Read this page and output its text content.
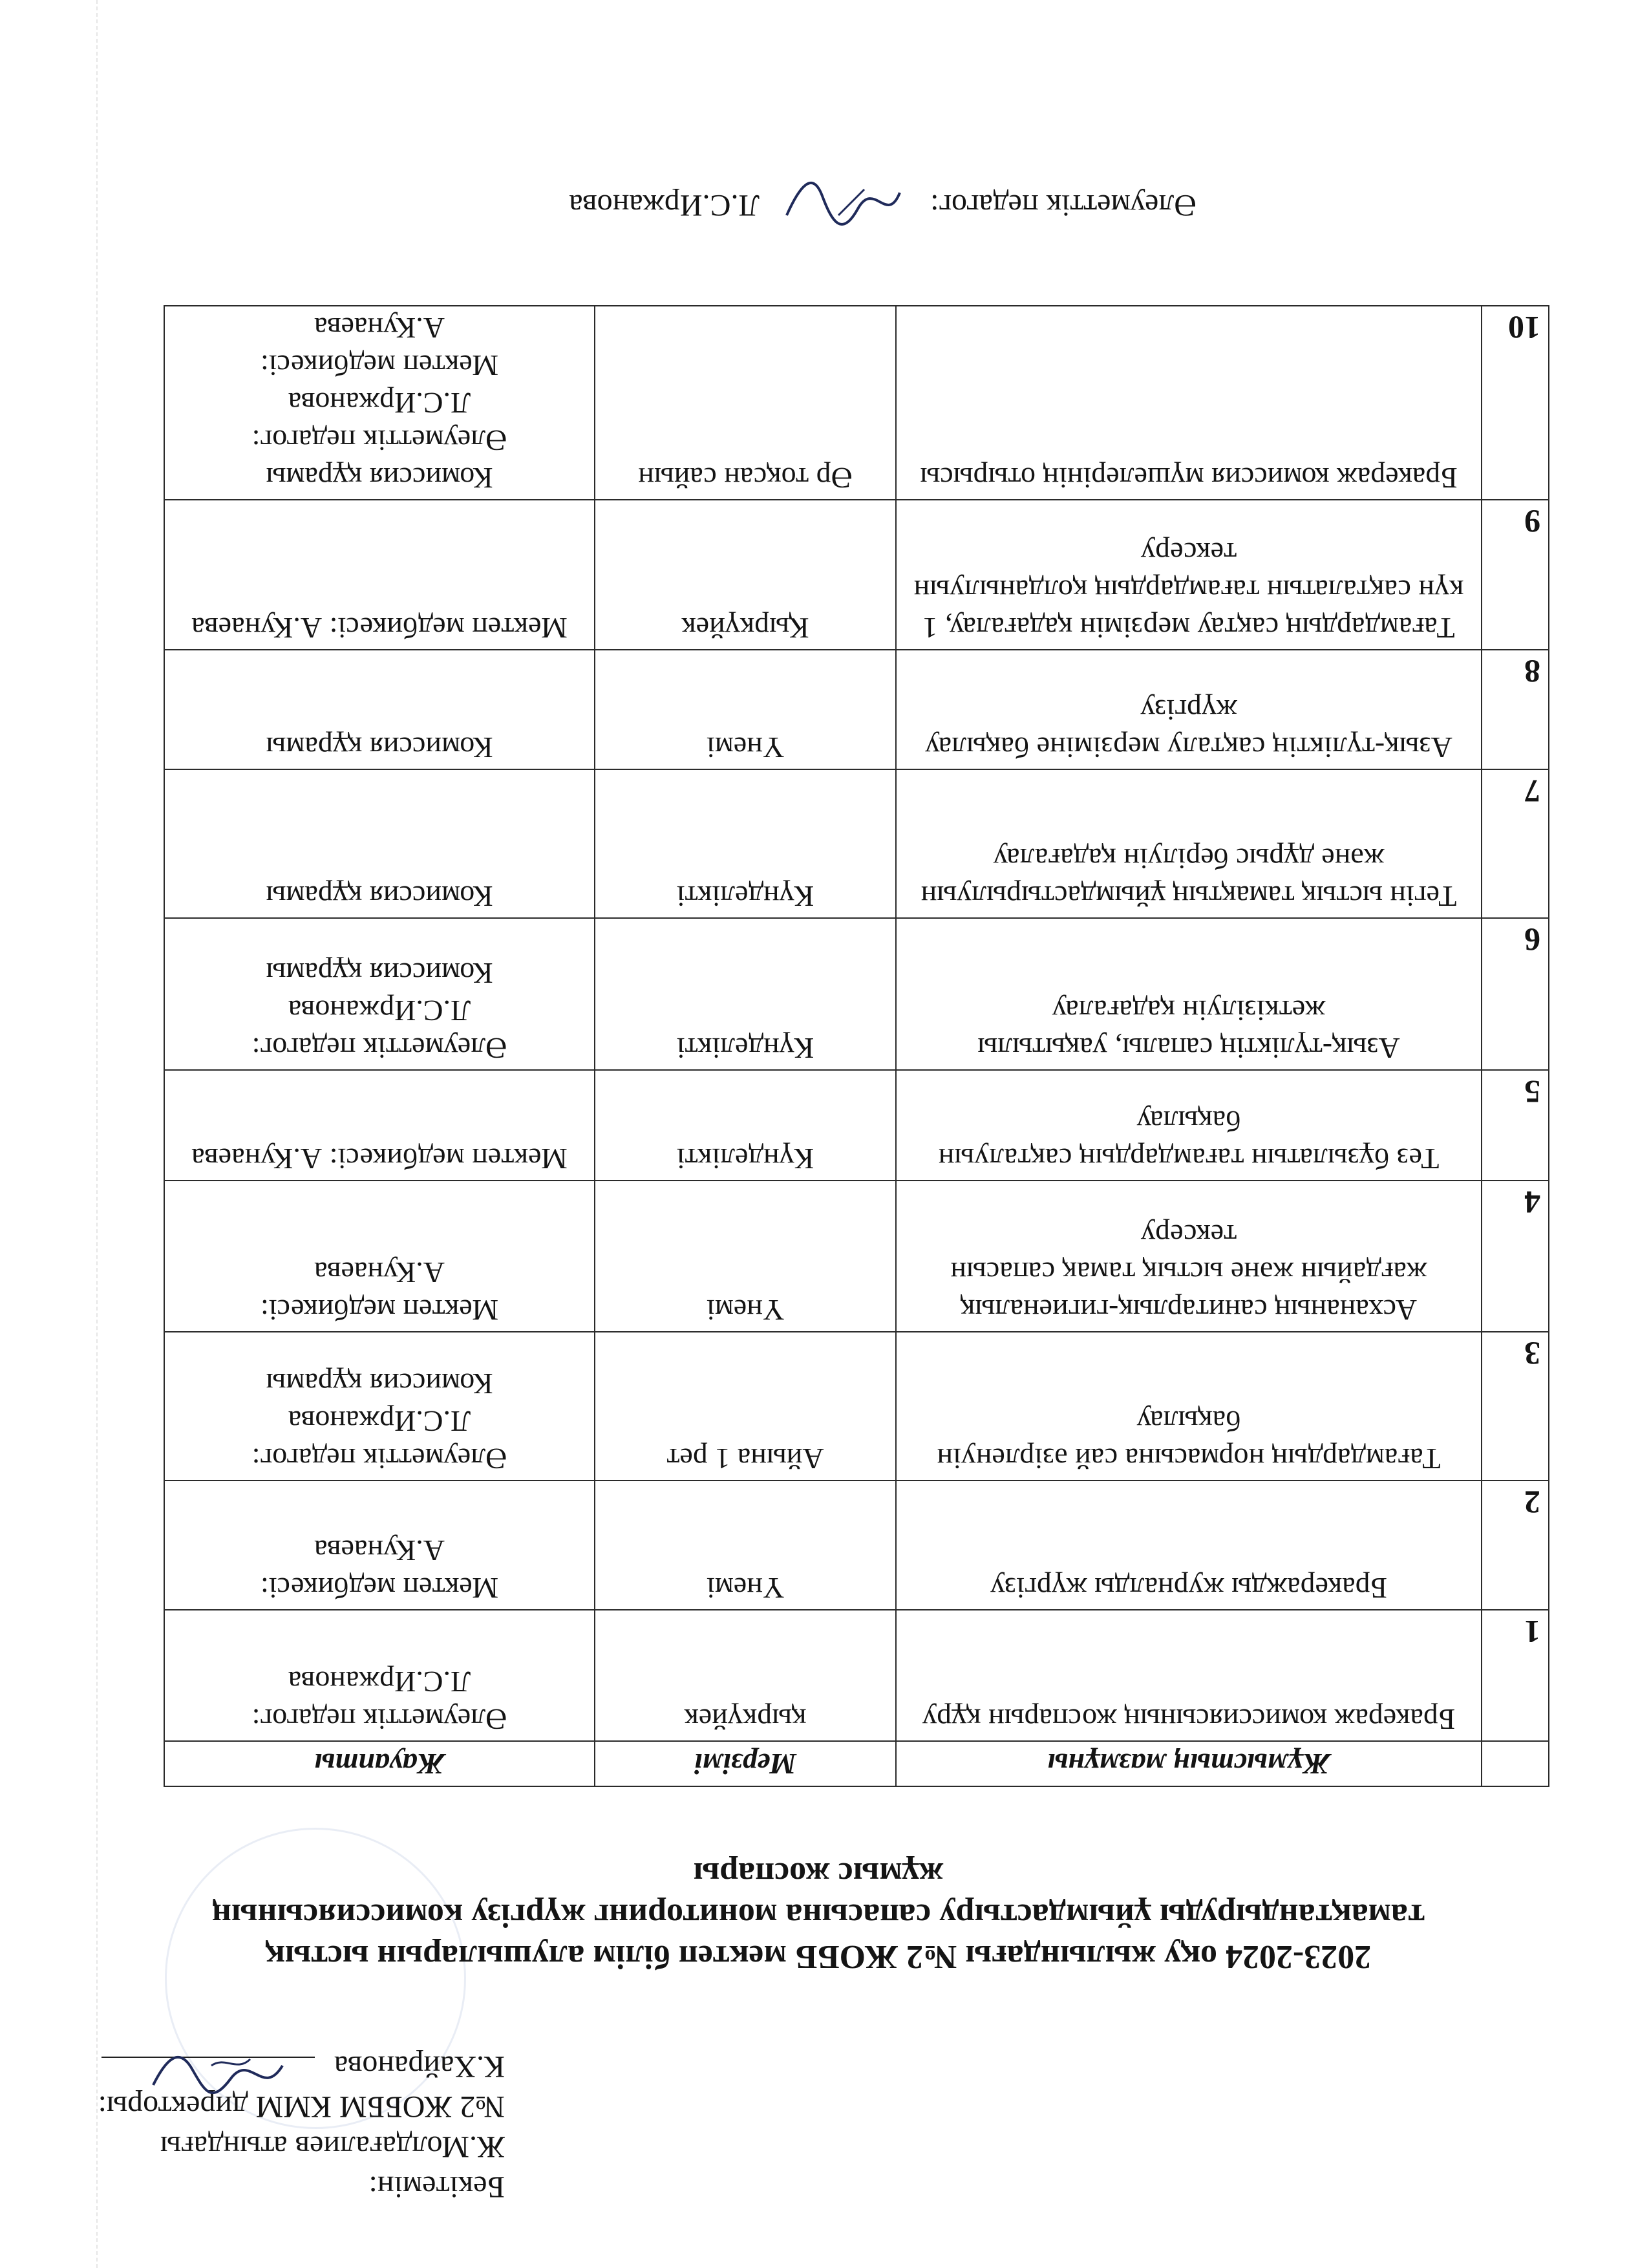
Бекітемін:
Ж.Молдағалиев атындағы
№2 ЖОББМ КММ директоры:
К.Хайранова
2023-2024 оқу жылындағы №2 ЖОББ мектеп білім алушыларын ыстық
тамақтандыруды ұйымдастыру сапасына мониторинг жүргізу комиссиясының
жұмыс жоспары
	Жұмыстың мазмұны	Мерзімі	Жауапты
1	Бракераж комиссиясының жоспарын құру	қыркүйек	Әлеуметтік педагог:
Л.С.Иржанова
2	Бракеражды журналды жүргізу	Үнемі	Мектеп медбикесі:
А.Кунаева
3	Тағамдардың нормасына сай әзірленуін бақылау	Айына 1 рет	Әлеуметтік педагог:
Л.С.Иржанова
Комиссия құрамы
4	Асхананың санитарлық-гигиеналық жағдайын және ыстық тамақ сапасын тексеру	Үнемі	Мектеп медбикесі:
А.Кунаева
5	Тез бұзылатын тағамдардың сақталуын бақылау	Күнделікті	Мектеп медбикесі: А.Кунаева
6	Азық-түліктің сапалы, уақытылы жеткізілуін қадағалау	Күнделікті	Әлеуметтік педагог:
Л.С.Иржанова
Комиссия құрамы
7	Тегін ыстық тамақтың ұйымдастырылуын және дұрыс берілуін қадағалау	Күнделікті	Комиссия құрамы
8	Азық-түліктің сақталу мерзіміне бақылау жүргізу	Үнемі	Комиссия құрамы
9	Тағамдардың сақтау мерзімін қадағалау, 1 күн сақталатын тағамдардың қолданылуын тексеру	Қыркүйек	Мектеп медбикесі: А.Кунаева
10	Бракераж комиссия мүшелерінің отырысы	Әр тоқсан сайын	Комиссия құрамы
Әлеуметтік педагог:
Л.С.Иржанова
Мектеп медбикесі:
А.Кунаева
Әлеуметтік педагог:  Л.С.Иржанова
